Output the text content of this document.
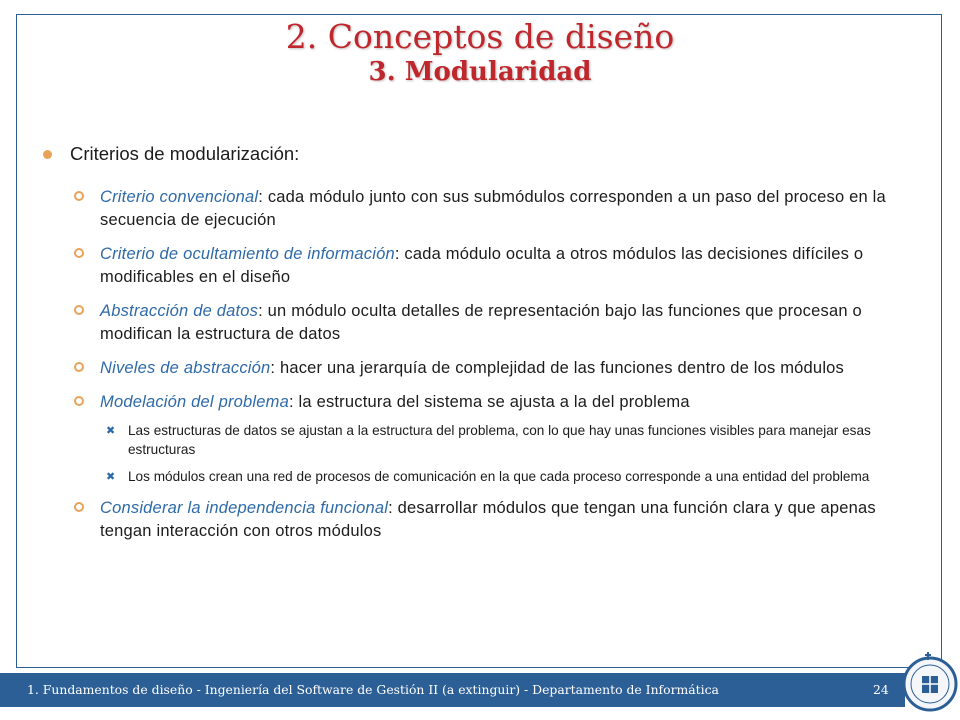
2. Conceptos de diseño
3. Modularidad
Criterios de modularización:
Criterio convencional: cada módulo junto con sus submódulos corresponden a un paso del proceso en la secuencia de ejecución
Criterio de ocultamiento de información: cada módulo oculta a otros módulos las decisiones difíciles o modificables en el diseño
Abstracción de datos: un módulo oculta detalles de representación bajo las funciones que procesan o modifican la estructura de datos
Niveles de abstracción: hacer una jerarquía de complejidad de las funciones dentro de los módulos
Modelación del problema: la estructura del sistema se ajusta a la del problema
✖ Las estructuras de datos se ajustan a la estructura del problema, con lo que hay unas funciones visibles para manejar esas estructuras
✖ Los módulos crean una red de procesos de comunicación en la que cada proceso corresponde a una entidad del problema
Considerar la independencia funcional: desarrollar módulos que tengan una función clara y que apenas tengan interacción con otros módulos
1. Fundamentos de diseño - Ingeniería del Software de Gestión II (a extinguir) - Departamento de Informática	24
